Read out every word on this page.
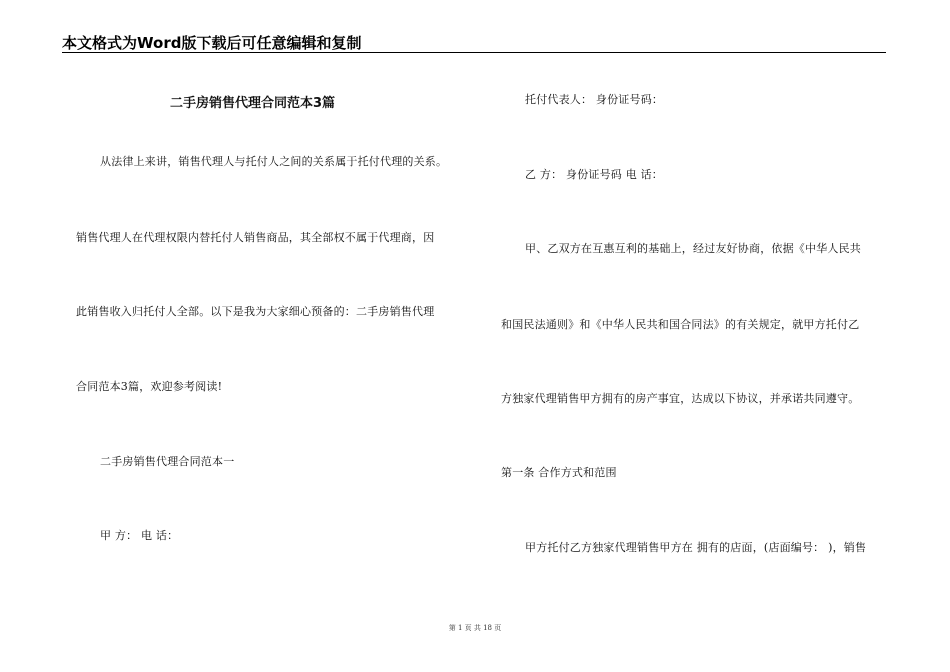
本文格式为Word版下载后可任意编辑和复制
二手房销售代理合同范本3篇
从法律上来讲，销售代理人与托付人之间的关系属于托付代理的关系。
销售代理人在代理权限内替托付人销售商品，其全部权不属于代理商，因
此销售收入归托付人全部。以下是我为大家细心预备的：二手房销售代理
合同范本3篇，欢迎参考阅读!
二手房销售代理合同范本一
甲 方： 电 话：
托付代表人： 身份证号码：
乙 方： 身份证号码 电 话：
甲、乙双方在互惠互利的基础上，经过友好协商，依据《中华人民共
和国民法通则》和《中华人民共和国合同法》的有关规定，就甲方托付乙
方独家代理销售甲方拥有的房产事宜，达成以下协议，并承诺共同遵守。
第一条 合作方式和范围
甲方托付乙方独家代理销售甲方在 拥有的店面，(店面编号： )，销售
第 1 页 共 18 页
